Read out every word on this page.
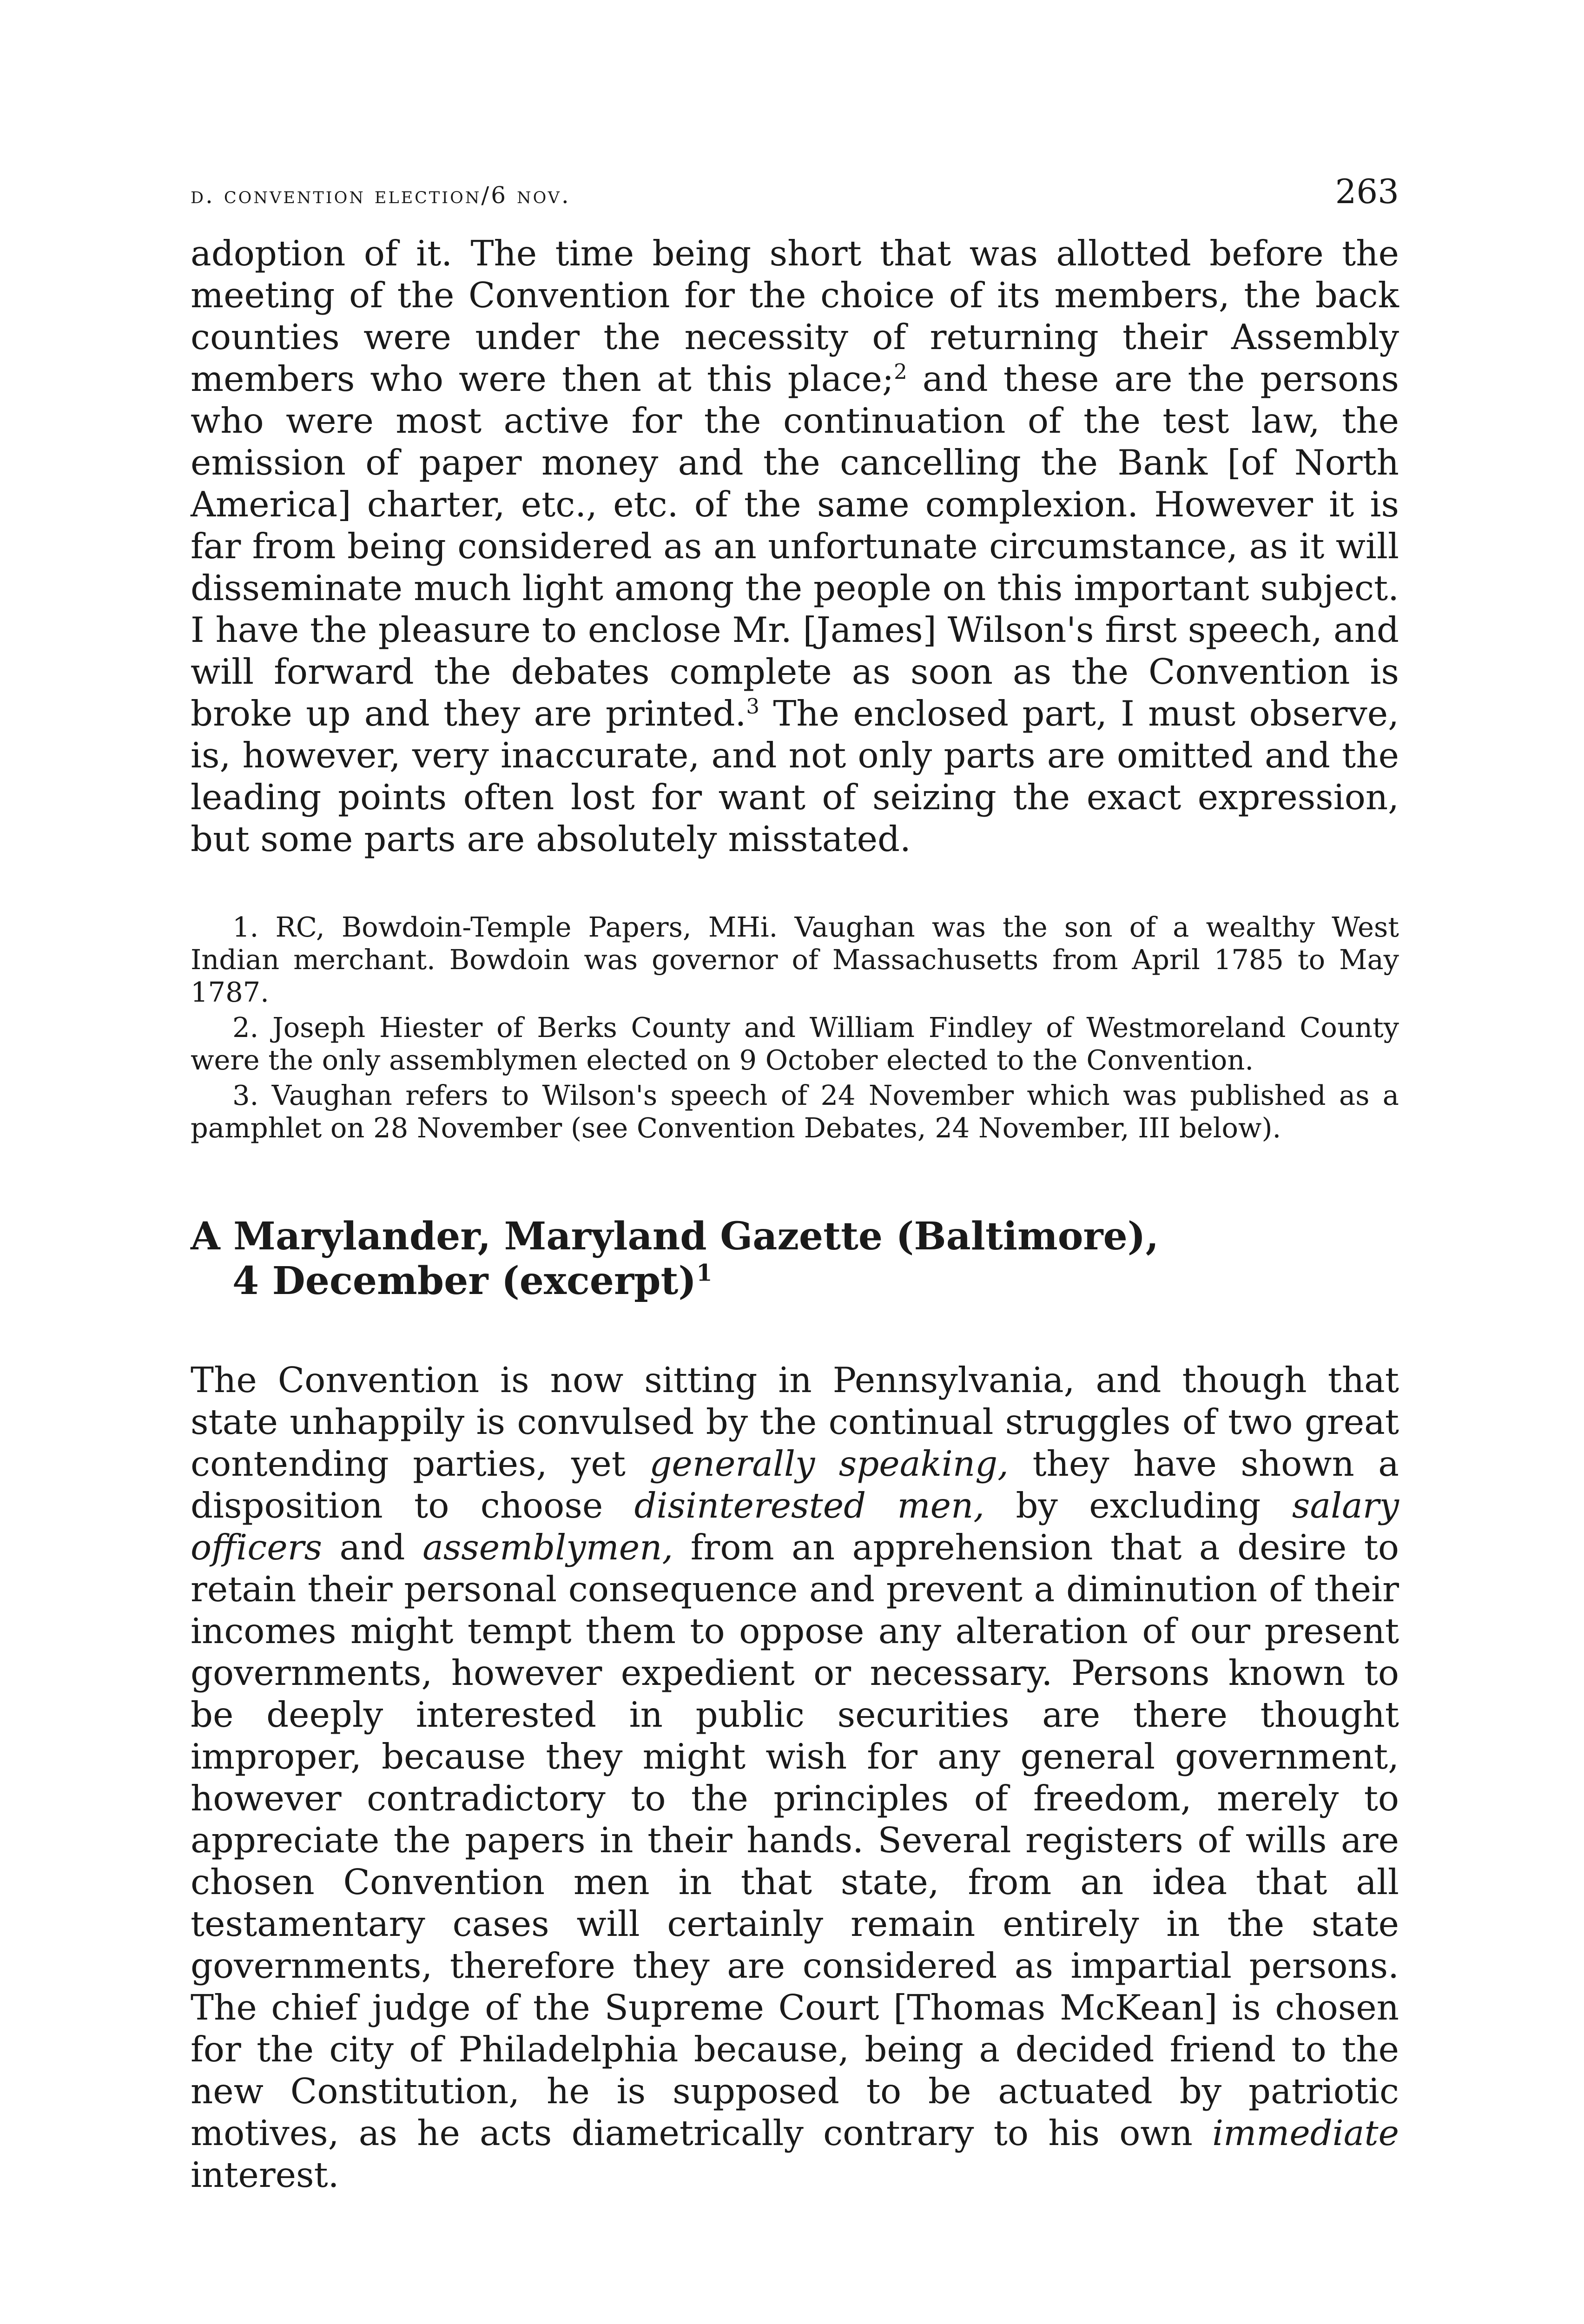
d. convention election/6 nov.	263

adoption of it. The time being short that was allotted before the meeting of the Convention for the choice of its members, the back counties were under the necessity of returning their Assembly members who were then at this place;$^2$ and these are the persons who were most active for the continuation of the test law, the emission of paper money and the cancelling the Bank [of North America] charter, etc., etc. of the same complexion. However it is far from being considered as an unfortunate circumstance, as it will disseminate much light among the people on this important subject. I have the pleasure to enclose Mr. [James] Wilson's first speech, and will forward the debates complete as soon as the Convention is broke up and they are printed.$^3$ The enclosed part, I must observe, is, however, very inaccurate, and not only parts are omitted and the leading points often lost for want of seizing the exact expression, but some parts are absolutely misstated.

1. RC, Bowdoin-Temple Papers, MHi. Vaughan was the son of a wealthy West Indian merchant. Bowdoin was governor of Massachusetts from April 1785 to May 1787.

2. Joseph Hiester of Berks County and William Findley of Westmoreland County were the only assemblymen elected on 9 October elected to the Convention.

3. Vaughan refers to Wilson's speech of 24 November which was published as a pamphlet on 28 November (see Convention Debates, 24 November, III below).

A Marylander, Maryland Gazette (Baltimore),
4 December (excerpt)$^1$

The Convention is now sitting in Pennsylvania, and though that state unhappily is convulsed by the continual struggles of two great contending parties, yet generally speaking, they have shown a disposition to choose disinterested men, by excluding salary officers and assemblymen, from an apprehension that a desire to retain their personal consequence and prevent a diminution of their incomes might tempt them to oppose any alteration of our present governments, however expedient or necessary. Persons known to be deeply interested in public securities are there thought improper, because they might wish for any general government, however contradictory to the principles of freedom, merely to appreciate the papers in their hands. Several registers of wills are chosen Convention men in that state, from an idea that all testamentary cases will certainly remain entirely in the state governments, therefore they are considered as impartial persons. The chief judge of the Supreme Court [Thomas McKean] is chosen for the city of Philadelphia because, being a decided friend to the new Constitution, he is supposed to be actuated by patriotic motives, as he acts diametrically contrary to his own immediate interest.
